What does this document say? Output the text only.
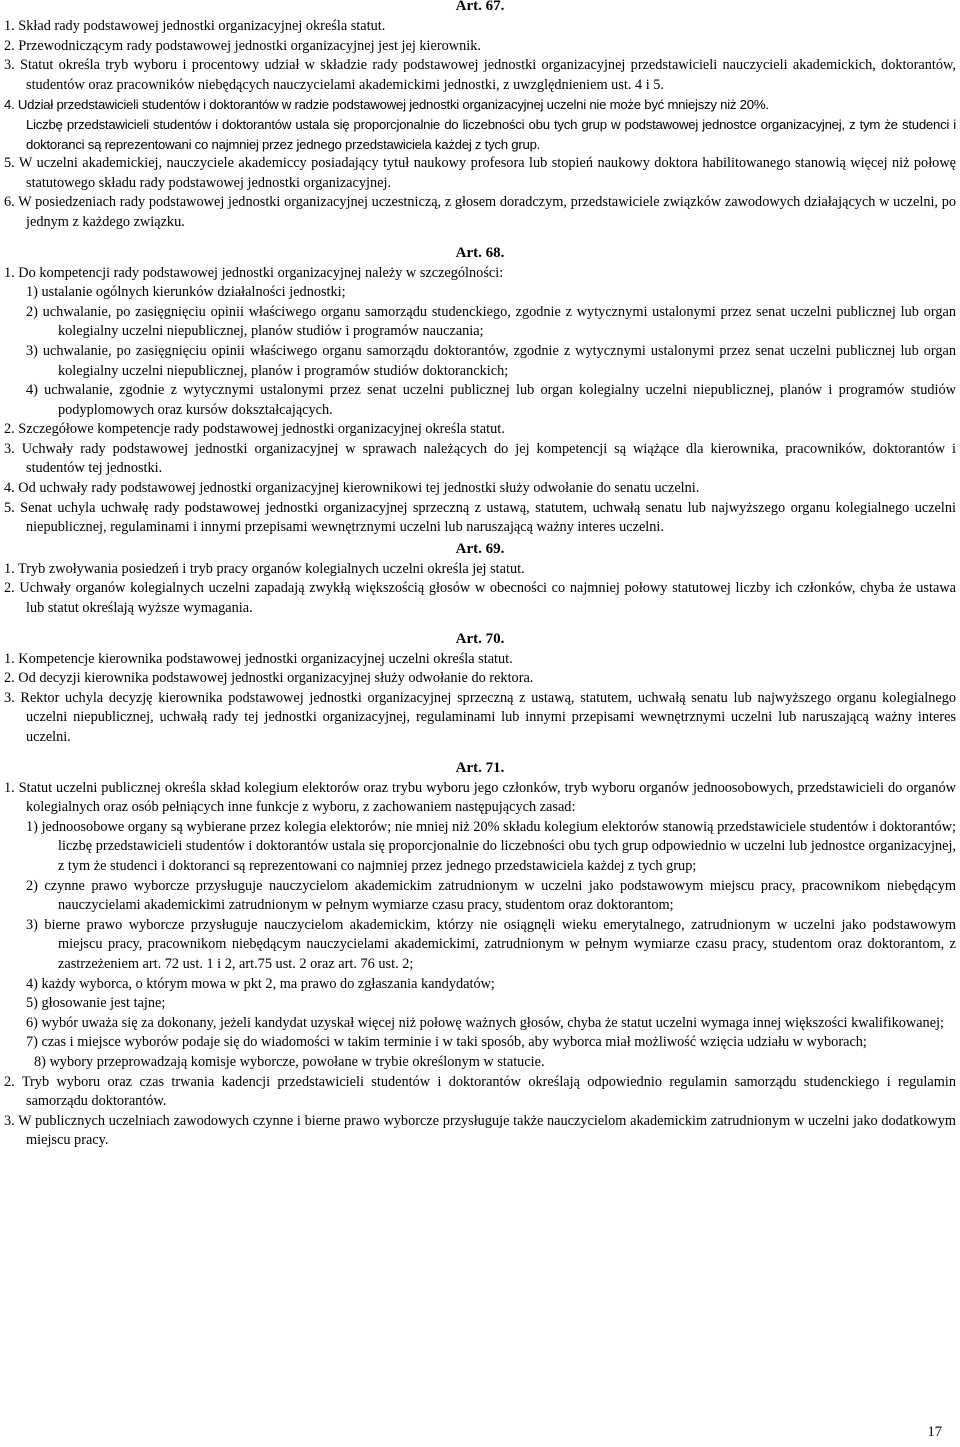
Art. 67.

1. Skład rady podstawowej jednostki organizacyjnej określa statut.

2. Przewodniczącym rady podstawowej jednostki organizacyjnej jest jej kierownik.

3. Statut określa tryb wyboru i procentowy udział w składzie rady podstawowej jednostki organizacyjnej przedstawicieli nauczycieli akademickich, doktorantów, studentów oraz pracowników niebędących nauczycielami akademickimi jednostki, z uwzględnieniem ust. 4 i 5.

4. Udział przedstawicieli studentów i doktorantów w radzie podstawowej jednostki organizacyjnej uczelni nie może być mniejszy niż 20%.

Liczbę przedstawicieli studentów i doktorantów ustala się proporcjonalnie do liczebności obu tych grup w podstawowej jednostce organizacyjnej, z tym że studenci i doktoranci są reprezentowani co najmniej przez jednego przedstawiciela każdej z tych grup.

5. W uczelni akademickiej, nauczyciele akademiccy posiadający tytuł naukowy profesora lub stopień naukowy doktora habilitowanego stanowią więcej niż połowę statutowego składu rady podstawowej jednostki organizacyjnej.

6. W posiedzeniach rady podstawowej jednostki organizacyjnej uczestniczą, z głosem doradczym, przedstawiciele związków zawodowych działających w uczelni, po jednym z każdego związku.

Art. 68.

1. Do kompetencji rady podstawowej jednostki organizacyjnej należy w szczególności:

1) ustalanie ogólnych kierunków działalności jednostki;

2) uchwalanie, po zasięgnięciu opinii właściwego organu samorządu studenckiego, zgodnie z wytycznymi ustalonymi przez senat uczelni publicznej lub organ kolegialny uczelni niepublicznej, planów studiów i programów nauczania;

3) uchwalanie, po zasięgnięciu opinii właściwego organu samorządu doktorantów, zgodnie z wytycznymi ustalonymi przez senat uczelni publicznej lub organ kolegialny uczelni niepublicznej, planów i programów studiów doktoranckich;

4) uchwalanie, zgodnie z wytycznymi ustalonymi przez senat uczelni publicznej lub organ kolegialny uczelni niepublicznej, planów i programów studiów podyplomowych oraz kursów dokształcających.

2. Szczegółowe kompetencje rady podstawowej jednostki organizacyjnej określa statut.

3. Uchwały rady podstawowej jednostki organizacyjnej w sprawach należących do jej kompetencji są wiążące dla kierownika, pracowników, doktorantów i studentów tej jednostki.

4. Od uchwały rady podstawowej jednostki organizacyjnej kierownikowi tej jednostki służy odwołanie do senatu uczelni.

5. Senat uchyla uchwałę rady podstawowej jednostki organizacyjnej sprzeczną z ustawą, statutem, uchwałą senatu lub najwyższego organu kolegialnego uczelni niepublicznej, regulaminami i innymi przepisami wewnętrznymi uczelni lub naruszającą ważny interes uczelni.

Art. 69.

1. Tryb zwoływania posiedzeń i tryb pracy organów kolegialnych uczelni określa jej statut.

2. Uchwały organów kolegialnych uczelni zapadają zwykłą większością głosów w obecności co najmniej połowy statutowej liczby ich członków, chyba że ustawa lub statut określają wyższe wymagania.

Art. 70.

1. Kompetencje kierownika podstawowej jednostki organizacyjnej uczelni określa statut.

2. Od decyzji kierownika podstawowej jednostki organizacyjnej służy odwołanie do rektora.

3. Rektor uchyla decyzję kierownika podstawowej jednostki organizacyjnej sprzeczną z ustawą, statutem, uchwałą senatu lub najwyższego organu kolegialnego uczelni niepublicznej, uchwałą rady tej jednostki organizacyjnej, regulaminami lub innymi przepisami wewnętrznymi uczelni lub naruszającą ważny interes uczelni.

Art. 71.

1. Statut uczelni publicznej określa skład kolegium elektorów oraz trybu wyboru jego członków, tryb wyboru organów jednoosobowych, przedstawicieli do organów kolegialnych oraz osób pełniących inne funkcje z wyboru, z zachowaniem następujących zasad:

1) jednoosobowe organy są wybierane przez kolegia elektorów; nie mniej niż 20% składu kolegium elektorów stanowią przedstawiciele studentów i doktorantów; liczbę przedstawicieli studentów i doktorantów ustala się proporcjonalnie do liczebności obu tych grup odpowiednio w uczelni lub jednostce organizacyjnej, z tym że studenci i doktoranci są reprezentowani co najmniej przez jednego przedstawiciela każdej z tych grup;

2) czynne prawo wyborcze przysługuje nauczycielom akademickim zatrudnionym w uczelni jako podstawowym miejscu pracy, pracownikom niebędącym nauczycielami akademickimi zatrudnionym w pełnym wymiarze czasu pracy, studentom oraz doktorantom;

3) bierne prawo wyborcze przysługuje nauczycielom akademickim, którzy nie osiągnęli wieku emerytalnego, zatrudnionym w uczelni jako podstawowym miejscu pracy, pracownikom niebędącym nauczycielami akademickimi, zatrudnionym w pełnym wymiarze czasu pracy, studentom oraz doktorantom, z zastrzeżeniem art. 72 ust. 1 i 2, art.75 ust. 2 oraz art. 76 ust. 2;

4) każdy wyborca, o którym mowa w pkt 2, ma prawo do zgłaszania kandydatów;

5) głosowanie jest tajne;

6) wybór uważa się za dokonany, jeżeli kandydat uzyskał więcej niż połowę ważnych głosów, chyba że statut uczelni wymaga innej większości kwalifikowanej;

7) czas i miejsce wyborów podaje się do wiadomości w takim terminie i w taki sposób, aby wyborca miał możliwość wzięcia udziału w wyborach;

8) wybory przeprowadzają komisje wyborcze, powołane w trybie określonym w statucie.

2. Tryb wyboru oraz czas trwania kadencji przedstawicieli studentów i doktorantów określają odpowiednio regulamin samorządu studenckiego i regulamin samorządu doktorantów.

3. W publicznych uczelniach zawodowych czynne i bierne prawo wyborcze przysługuje także nauczycielom akademickim zatrudnionym w uczelni jako dodatkowym miejscu pracy.

17
